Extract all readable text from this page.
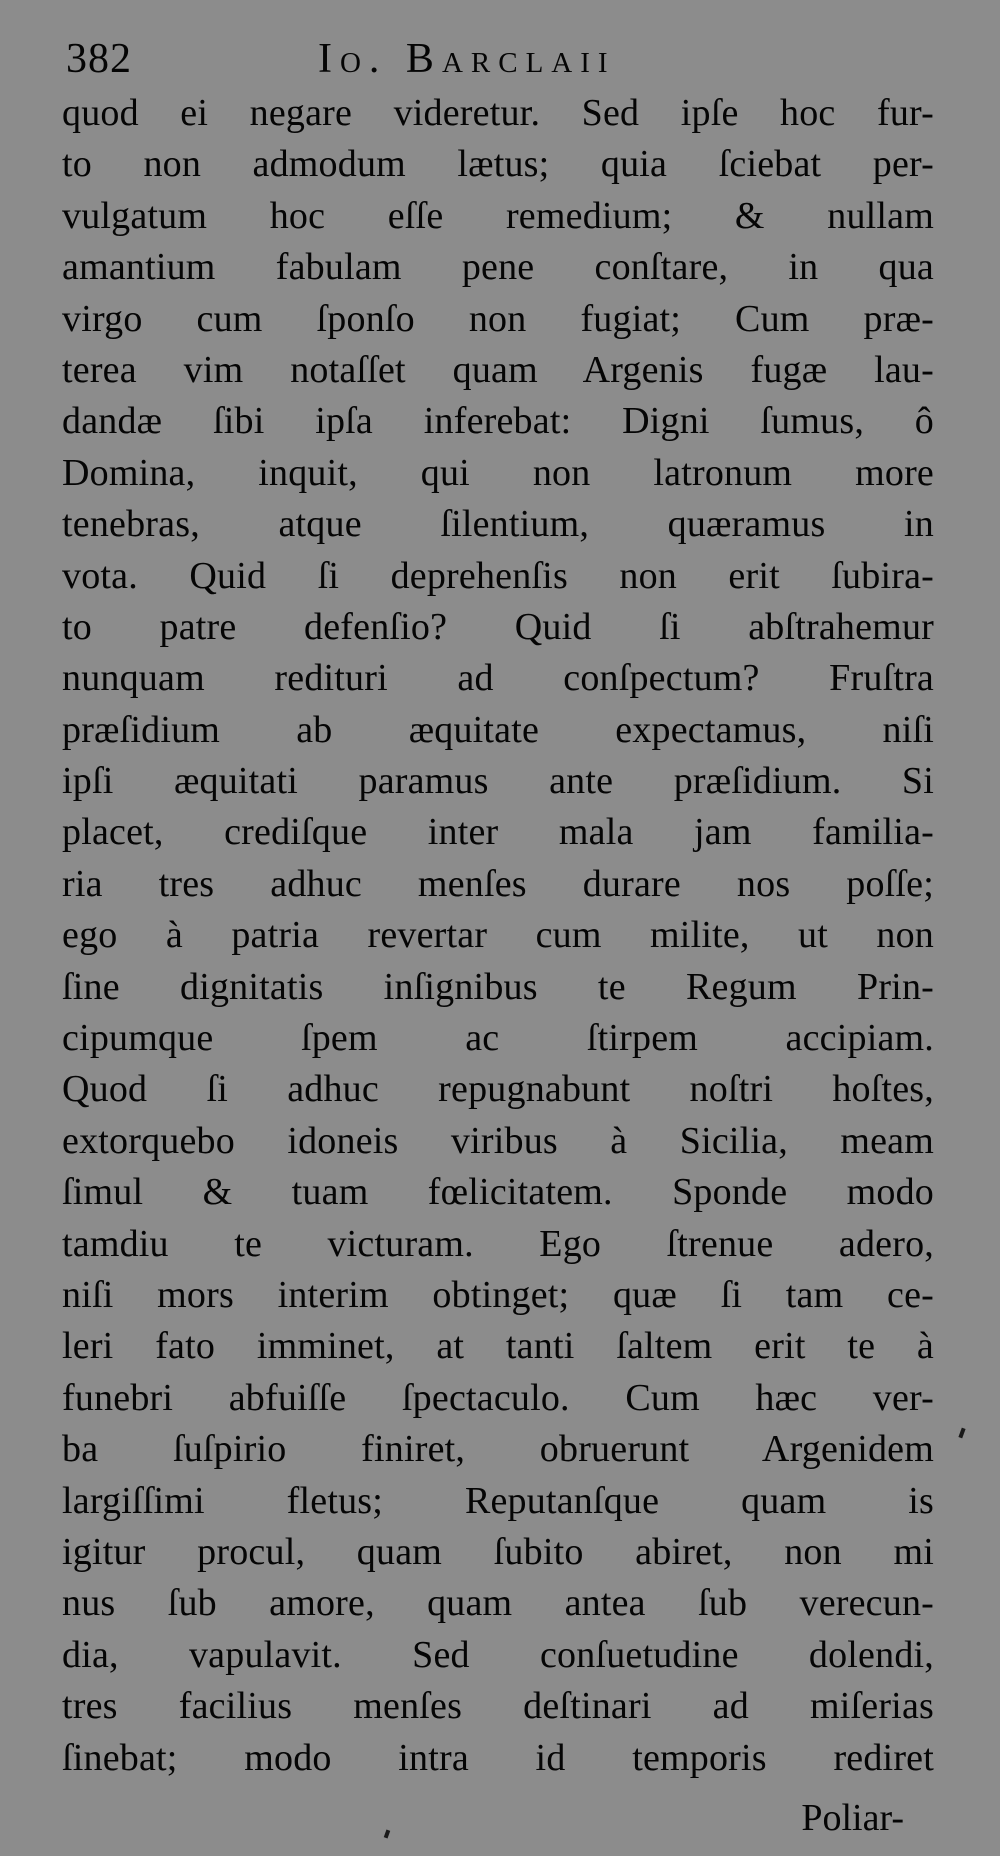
382	Io. Barclaii
quod ei negare videretur. Sed ipſe hoc fur-
to non admodum lætus; quia ſciebat per-
vulgatum hoc eſſe remedium; & nullam
amantium fabulam pene conſtare, in qua
virgo cum ſponſo non fugiat; Cum præ-
terea vim notaſſet quam Argenis fugæ lau-
dandæ ſibi ipſa inferebat: Digni ſumus, ô
Domina, inquit, qui non latronum more
tenebras, atque ſilentium, quæramus in
vota. Quid ſi deprehenſis non erit ſubira-
to patre defenſio? Quid ſi abſtrahemur
nunquam redituri ad conſpectum? Fruſtra
præſidium ab æquitate expectamus, niſi
ipſi æquitati paramus ante præſidium. Si
placet, crediſque inter mala jam familia-
ria tres adhuc menſes durare nos poſſe;
ego à patria revertar cum milite, ut non
ſine dignitatis inſignibus te Regum Prin-
cipumque ſpem ac ſtirpem accipiam.
Quod ſi adhuc repugnabunt noſtri hoſtes,
extorquebo idoneis viribus à Sicilia, meam
ſimul & tuam fœlicitatem. Sponde modo
tamdiu te victuram. Ego ſtrenue adero,
niſi mors interim obtinget; quæ ſi tam ce-
leri fato imminet, at tanti ſaltem erit te à
funebri abfuiſſe ſpectaculo. Cum hæc ver-
ba ſuſpirio finiret, obruerunt Argenidem
largiſſimi fletus; Reputanſque quam is
igitur procul, quam ſubito abiret, non mi
nus ſub amore, quam antea ſub verecun-
dia, vapulavit. Sed conſuetudine dolendi,
tres facilius menſes deſtinari ad miſerias
ſinebat; modo intra id temporis rediret
Poliar-
